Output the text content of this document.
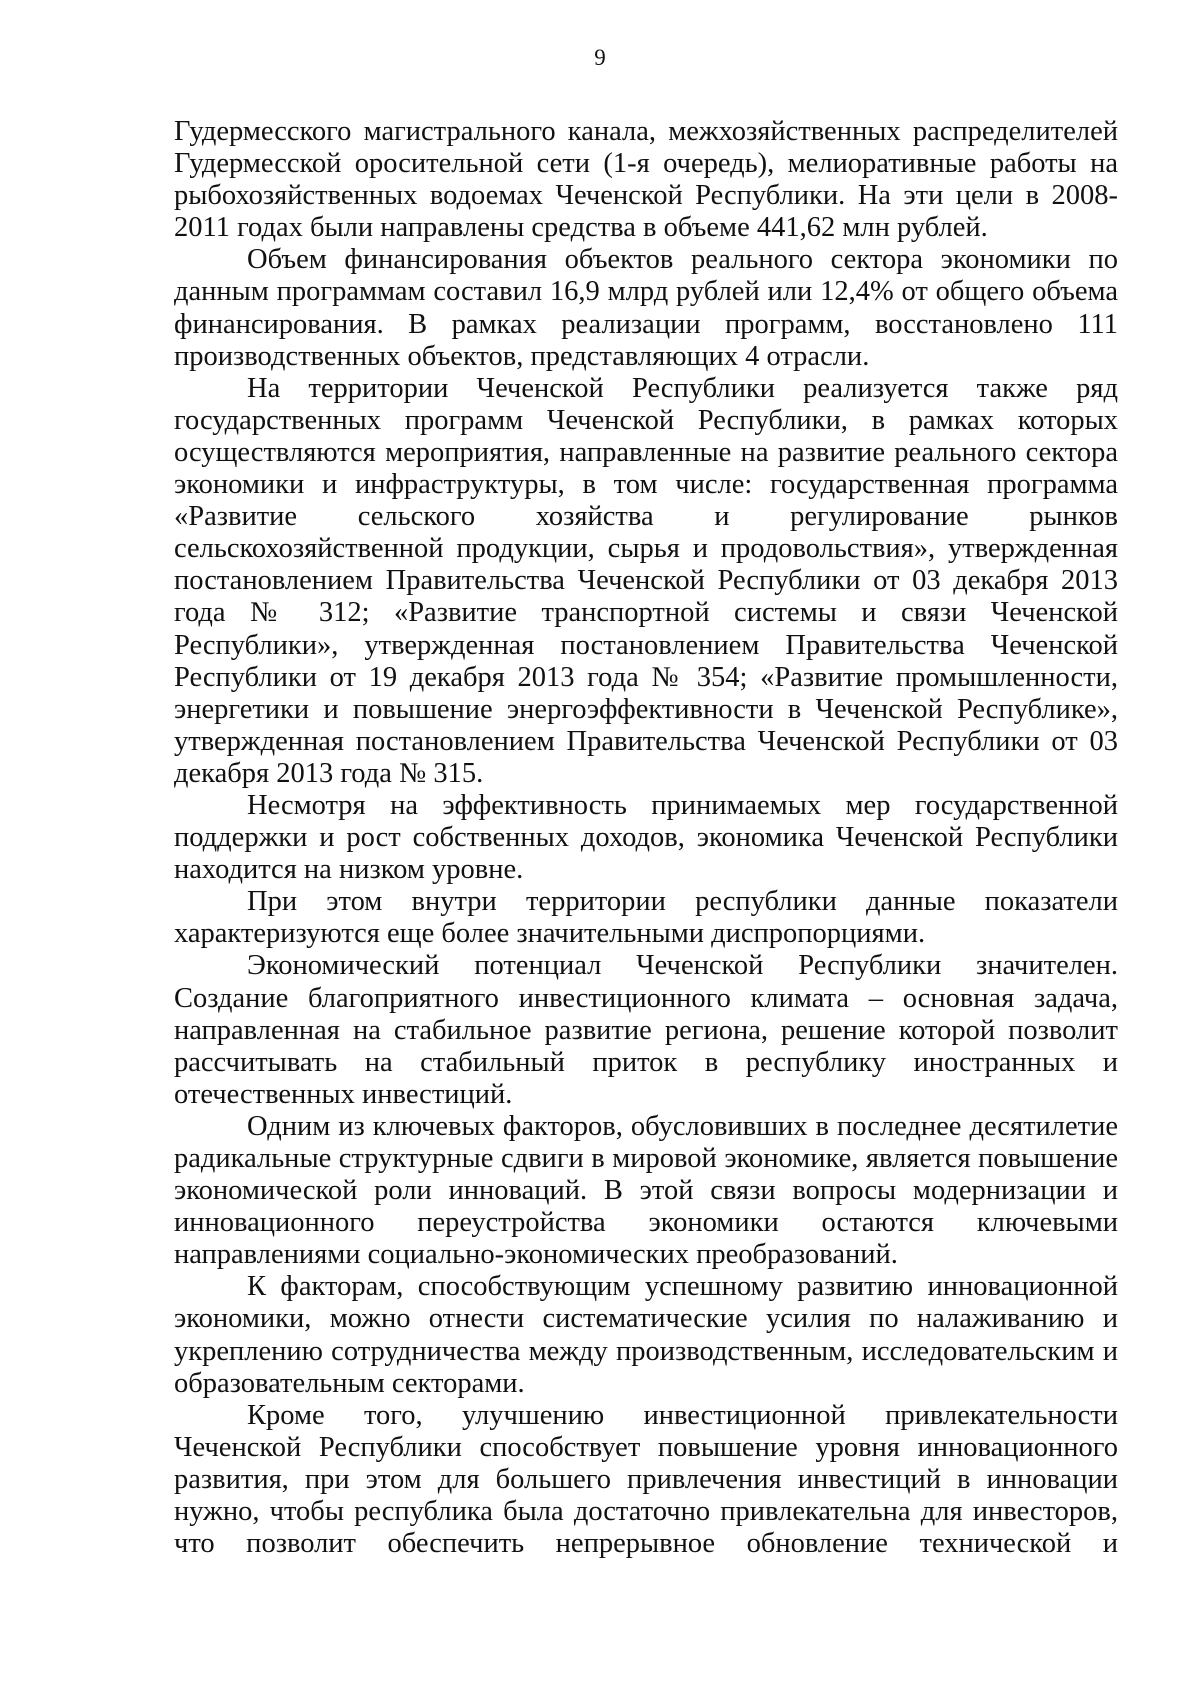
9

Гудермесского магистрального канала, межхозяйственных распределителей Гудермесской оросительной сети (1-я очередь), мелиоративные работы на рыбохозяйственных водоемах Чеченской Республики. На эти цели в 2008-2011 годах были направлены средства в объеме 441,62 млн рублей.

Объем финансирования объектов реального сектора экономики по данным программам составил 16,9 млрд рублей или 12,4% от общего объема финансирования. В рамках реализации программ, восстановлено 111 производственных объектов, представляющих 4 отрасли.

На территории Чеченской Республики реализуется также ряд государственных программ Чеченской Республики, в рамках которых осуществляются мероприятия, направленные на развитие реального сектора экономики и инфраструктуры, в том числе: государственная программа «Развитие сельского хозяйства и регулирование рынков сельскохозяйственной продукции, сырья и продовольствия», утвержденная постановлением Правительства Чеченской Республики от 03 декабря 2013 года № 312; «Развитие транспортной системы и связи Чеченской Республики», утвержденная постановлением Правительства Чеченской Республики от 19 декабря 2013 года № 354; «Развитие промышленности, энергетики и повышение энергоэффективности в Чеченской Республике», утвержденная постановлением Правительства Чеченской Республики от 03 декабря 2013 года № 315.

Несмотря на эффективность принимаемых мер государственной поддержки и рост собственных доходов, экономика Чеченской Республики находится на низком уровне.

При этом внутри территории республики данные показатели характеризуются еще более значительными диспропорциями.

Экономический потенциал Чеченской Республики значителен. Создание благоприятного инвестиционного климата – основная задача, направленная на стабильное развитие региона, решение которой позволит рассчитывать на стабильный приток в республику иностранных и отечественных инвестиций.

Одним из ключевых факторов, обусловивших в последнее десятилетие радикальные структурные сдвиги в мировой экономике, является повышение экономической роли инноваций. В этой связи вопросы модернизации и инновационного переустройства экономики остаются ключевыми направлениями социально-экономических преобразований.

К факторам, способствующим успешному развитию инновационной экономики, можно отнести систематические усилия по налаживанию и укреплению сотрудничества между производственным, исследовательским и образовательным секторами.

Кроме того, улучшению инвестиционной привлекательности Чеченской Республики способствует повышение уровня инновационного развития, при этом для большего привлечения инвестиций в инновации нужно, чтобы республика была достаточно привлекательна для инвесторов, что позволит обеспечить непрерывное обновление технической и
